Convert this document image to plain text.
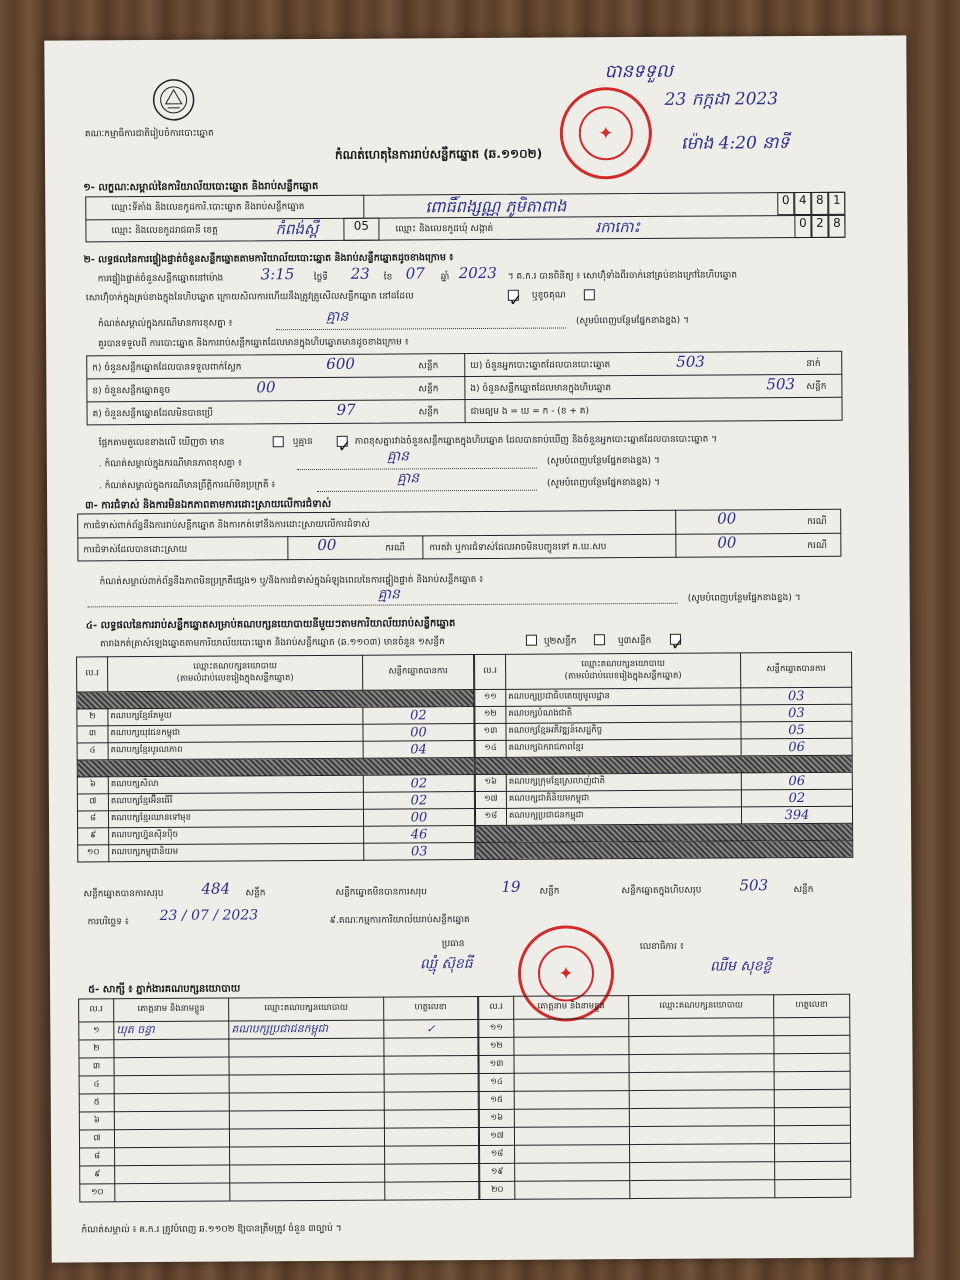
គណៈកម្មាធិការជាតិរៀបចំការបោះឆ្នោត
កំណត់ហេតុនៃការរាប់សន្លឹកឆ្នោត (ឆ.១១០២)
✦
បានទទួល
23 កក្កដា 2023
ម៉ោង 4:20 នាទី
១- លក្ខណៈសម្គាល់នៃការិយាល័យបោះឆ្នោត និងរាប់សន្លឹកឆ្នោត
ឈ្មោះទីតាំង និងលេខកូដការិ.បោះឆ្នោត និងរាប់សន្លឹកឆ្នោត	ពោធិ៍ពង្សណ្ណ ភូមិតាពាង	0 4 8 1
ឈ្មោះ និងលេខកូដរាជធានី ខេត្ត	កំពង់ស្ពឺ	05	ឈ្មោះ និងលេខកូដឃុំ សង្កាត់	រកាកោះ	0 2 8
២- លទ្ធផលនៃការផ្ទៀងផ្ទាត់ចំនួនសន្លឹកឆ្នោតតាមការិយាល័យបោះឆ្នោត និងរាប់សន្លឹកឆ្នោតដូចខាងក្រោម ៖
ការផ្ទៀងផ្ទាត់ចំនួនសន្លឹកឆ្នោតនៅម៉ោង 3:15 ថ្ងៃទី 23 ខែ 07 ឆ្នាំ 2023 ។ គ.ក.រ បានពិនិត្យ ៖ សោហ៊ុំទាំងពីរចាក់នៅគ្រប់ខាងក្រៅនៃហិបឆ្នោត
សោហ៊ុំចាក់ក្នុងគ្រប់ខាងក្នុងនៃហិបឆ្នោត ក្រោយសិលការហើយនឹងត្រូវត្រូសើលសន្លឹកឆ្នោត នៅដដែល	✓ ឬខូចគុណ
កំណត់សម្គាល់ក្នុងករណីមានការខុសគ្នា ៖	គ្មាន	(សូមបំពេញបន្ថែមផ្នែកខាងខ្នង) ។
គួរបានទទួលពី ការបោះឆ្នោត និងការរាប់សន្លឹកឆ្នោតដែលមានក្នុងហិបឆ្នោតមានដូចខាងក្រោម ៖
ក) ចំនួនសន្លឹកឆ្នោតដែលបានទទួលពាក់ស្លែក	600	សន្លឹក	ឃ) ចំនួនអ្នកបោះឆ្នោតដែលបានបោះឆ្នោត	503	នាក់
ខ) ចំនួនសន្លឹកឆ្នោតខូច	00	សន្លឹក	ង) ចំនួនសន្លឹកឆ្នោតដែលមានក្នុងហិបឆ្នោត	503 សន្លឹក
គ) ចំនួនសន្លឹកឆ្នោតដែលមិនបានប្រើ	97	សន្លឹក	ជាមធ្យម ង = ឃ = ក - (ខ + គ)
ផ្អែកតាមតួលេខខាងលើ ឃើញថា មាន	ឬគ្មាន ✓ ភាពខុសគ្នារវាងចំនួនសន្លឹកឆ្នោតក្នុងហិបឆ្នោត ដែលបានរាប់ឃើញ និងចំនួនអ្នកបោះឆ្នោតដែលបានបោះឆ្នោត ។
. កំណត់សម្គាល់ក្នុងករណីមានភាពខុសគ្នា ៖	គ្មាន	(សូមបំពេញបន្ថែមផ្នែកខាងខ្នង) ។
. កំណត់សម្គាល់ក្នុងករណីមានព្រឹត្តិការណ៍មិនប្រក្រតី ៖	គ្មាន	(សូមបំពេញបន្ថែមផ្នែកខាងខ្នង) ។
៣- ការជំទាស់ និងការមិនឯកភាពតាមការដោះស្រាយលើការជំទាស់
ការជំទាស់ពាក់ព័ន្ធនឹងការរាប់សន្លឹកឆ្នោត និងការកត់ទៅនឹងការដោះស្រាយលើការជំទាស់	00	ករណី
ការជំទាស់ដែលបានដោះស្រាយ	00	ករណី	ការតវ៉ា ឬការជំទាស់ដែលអាចមិនបញ្ជូនទៅ គ.ឃ.សប	00	ករណី
កំណត់សម្គាល់ពាក់ព័ន្ធនឹងភាពមិនប្រក្រតីផ្សេង១ ឬ/និងការជំទាស់ក្នុងអំឡុងពេលនៃការផ្ទៀងផ្ទាត់ និងរាប់សន្លឹកឆ្នោត ៖
គ្មាន	(សូមបំពេញបន្ថែមផ្នែកខាងខ្នង) ។
៤- លទ្ធផលនៃការរាប់សន្លឹកឆ្នោតសម្រាប់គណបក្សនយោបាយនីមួយៗតាមការិយាល័យរាប់សន្លឹកឆ្នោត
តារាងកត់ត្រាសំឡេងឆ្នោតតាមការិយាល័យបោះឆ្នោត និងរាប់សន្លឹកឆ្នោត (ឆ.១១០៣) មានចំនួន ១សន្លឹក	ឬ២សន្លឹក	ឬ៣សន្លឹក ✓
ល.រ	ឈ្មោះគណបក្សនយោបាយ
(តាមលំដាប់លេខរៀងក្នុងសន្លឹកឆ្នោត)	សន្លឹកឆ្នោតបានការ

២	គណបក្សខ្មែរតែមួយ	02
៣	គណបក្សយុវជនកម្ពុជា	00
៤	គណបក្សខ្មែរបូរណភាព	04

៦	គណបក្សសិលា	02
៧	គណបក្សខ្មែរអ៊ីនធើរី	02
៨	គណបក្សខ្មែរឈានទៅមុខ	00
៩	គណបក្សហ្វ៊ុនស៊ិនប៉ិច	46
១០	គណបក្សកម្ពុជានិយម	03
ល.រ	ឈ្មោះគណបក្សនយោបាយ
(តាមលំដាប់លេខរៀងក្នុងសន្លឹកឆ្នោត)	សន្លឹកឆ្នោតបានការ
១១	គណបក្សប្រជាធិបតេយ្យមូលដ្ឋាន	03
១២	គណបក្សបំណងជាតិ	03
១៣	គណបក្សខ្មែរអភិវឌ្ឍន៍សេដ្ឋកិច្ច	05
១៤	គណបក្សឯករាជភាពខ្មែរ	06

១៦	គណបក្សក្រុមខ្មែរស្រលាញ់ជាតិ	06
១៧	គណបក្សជាតិនិយមកម្ពុជា	02
១៨	គណបក្សប្រជាជនកម្ពុជា	394

សន្លឹកឆ្នោតបានការសរុប	484 សន្លឹក	សន្លឹកឆ្នោតមិនបានការសរុប	19 សន្លឹក	សន្លឹកឆ្នោតក្នុងហិបសរុប	503	សន្លឹក
ការបរិច្ឆេទ ៖ 23 / 07 / 2023	៩.គណៈកម្មការការិយាល័យរាប់សន្លឹកឆ្នោត
ប្រធាន
ឈ្មុំ ស៊ុខធី
លេខាធិការ ៖
ឈឺម សុខខ្លី
✦
៥- សាក្សី ៖ ភ្នាក់ងារគណបក្សនយោបាយ
ល.រ	គោត្តនាម និងនាមខ្លួន	ឈ្មោះគណបក្សនយោបាយ	ហត្ថលេខា
១	ឃុត ចន្ធា	គណបក្សប្រជាជនកម្ពុជា	✓
២			
៣			
៤			
៥			
៦			
៧			
៨			
៩			
១០			
ល.រ	គោត្តនាម និងនាមខ្លួន	ឈ្មោះគណបក្សនយោបាយ	ហត្ថលេខា
១១			
១២			
១៣			
១៤			
១៥			
១៦			
១៧			
១៨			
១៩			
២០			
កំណត់សម្គាល់ ៖ គ.ក.រ ត្រូវបំពេញ ឆ.១១០២ ឱ្យបានត្រឹមត្រូវ ចំនួន ៣ច្បាប់ ។
